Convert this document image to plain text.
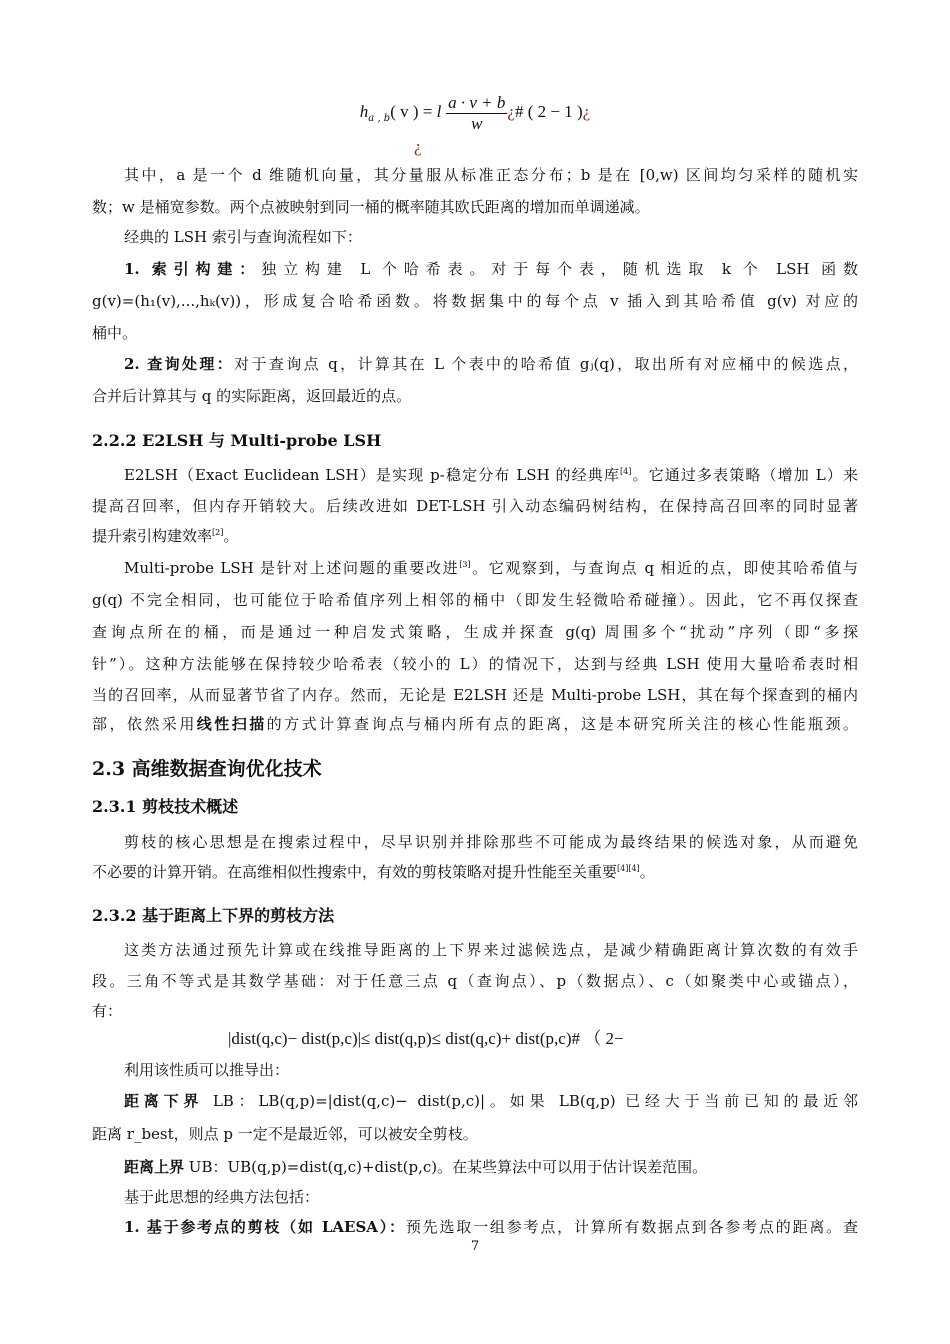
$h_{a , b}$( v ) = l $\frac{a \cdot v + b}{w}$ ¿# ( 2 − 1 )¿
¿
其中，a 是一个 d 维随机向量，其分量服从标准正态分布；b 是在 [0,w) 区间均匀采样的随机实
数；w 是桶宽参数。两个点被映射到同一桶的概率随其欧氏距离的增加而单调递减。
经典的 LSH 索引与查询流程如下：
1. 索引构建：独立构建 L 个哈希表。对于每个表，随机选取 k 个 LSH 函数
g(v)=(h₁(v),...,hₖ(v))，形成复合哈希函数。将数据集中的每个点 v 插入到其哈希值 g(v) 对应的
桶中。
2. 查询处理：对于查询点 q，计算其在 L 个表中的哈希值 gⱼ(q)，取出所有对应桶中的候选点，
合并后计算其与 q 的实际距离，返回最近的点。
2.2.2 E2LSH 与 Multi-probe LSH
E2LSH（Exact Euclidean LSH）是实现 p-稳定分布 LSH 的经典库[4]。它通过多表策略（增加 L）来
提高召回率，但内存开销较大。后续改进如 DET-LSH 引入动态编码树结构，在保持高召回率的同时显著
提升索引构建效率[2]。
Multi-probe LSH 是针对上述问题的重要改进[3]。它观察到，与查询点 q 相近的点，即使其哈希值与
g(q) 不完全相同，也可能位于哈希值序列上相邻的桶中（即发生轻微哈希碰撞）。因此，它不再仅探查
查询点所在的桶，而是通过一种启发式策略，生成并探查 g(q) 周围多个“扰动”序列（即“多探
针”）。这种方法能够在保持较少哈希表（较小的 L）的情况下，达到与经典 LSH 使用大量哈希表时相
当的召回率，从而显著节省了内存。然而，无论是 E2LSH 还是 Multi-probe LSH，其在每个探查到的桶内
部，依然采用线性扫描的方式计算查询点与桶内所有点的距离，这是本研究所关注的核心性能瓶颈。
2.3 高维数据查询优化技术
2.3.1 剪枝技术概述
剪枝的核心思想是在搜索过程中，尽早识别并排除那些不可能成为最终结果的候选对象，从而避免
不必要的计算开销。在高维相似性搜索中，有效的剪枝策略对提升性能至关重要[4][4]。
2.3.2 基于距离上下界的剪枝方法
这类方法通过预先计算或在线推导距离的上下界来过滤候选点，是减少精确距离计算次数的有效手
段。三角不等式是其数学基础：对于任意三点 q（查询点）、p（数据点）、c（如聚类中心或锚点），
有：
|dist(q,c)− dist(p,c)|≤ dist(q,p)≤ dist(q,c)+ dist(p,c)# （ 2−
利用该性质可以推导出：
距离下界 LB：LB(q,p)=|dist(q,c)− dist(p,c)|。如果 LB(q,p) 已经大于当前已知的最近邻
距离 r_best，则点 p 一定不是最近邻，可以被安全剪枝。
距离上界 UB：UB(q,p)=dist(q,c)+dist(p,c)。在某些算法中可以用于估计误差范围。
基于此思想的经典方法包括：
1. 基于参考点的剪枝（如 LAESA）：预先选取一组参考点，计算所有数据点到各参考点的距离。查
7
